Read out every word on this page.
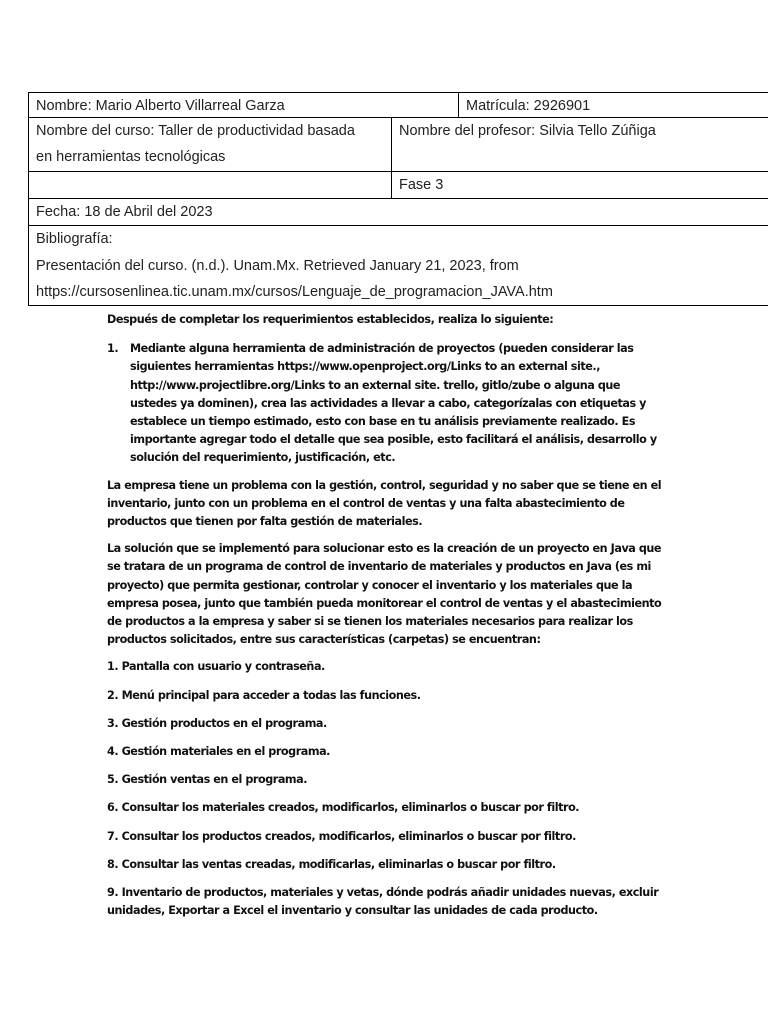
Nombre: Mario Alberto Villarreal Garza	Matrícula: 2926901
Nombre del curso: Taller de productividad basada
en herramientas tecnológicas
Nombre del profesor: Silvia Tello Zúñiga
Fase 3
Fecha: 18 de Abril del 2023
Bibliografía:
Presentación del curso. (n.d.). Unam.Mx. Retrieved January 21, 2023, from
https://cursosenlinea.tic.unam.mx/cursos/Lenguaje_de_programacion_JAVA.htm

Después de completar los requerimientos establecidos, realiza lo siguiente:

1.	Mediante alguna herramienta de administración de proyectos (pueden considerar las siguientes herramientas https://www.openproject.org/Links to an external site., http://www.projectlibre.org/Links to an external site. trello, gitlo/zube o alguna que ustedes ya dominen), crea las actividades a llevar a cabo, categorízalas con etiquetas y establece un tiempo estimado, esto con base en tu análisis previamente realizado. Es importante agregar todo el detalle que sea posible, esto facilitará el análisis, desarrollo y solución del requerimiento, justificación, etc.

La empresa tiene un problema con la gestión, control, seguridad y no saber que se tiene en el inventario, junto con un problema en el control de ventas y una falta abastecimiento de productos que tienen por falta gestión de materiales.

La solución que se implementó para solucionar esto es la creación de un proyecto en Java que se tratara de un programa de control de inventario de materiales y productos en Java (es mi proyecto) que permita gestionar, controlar y conocer el inventario y los materiales que la empresa posea, junto que también pueda monitorear el control de ventas y el abastecimiento de productos a la empresa y saber si se tienen los materiales necesarios para realizar los productos solicitados, entre sus características (carpetas) se encuentran:

1. Pantalla con usuario y contraseña.

2. Menú principal para acceder a todas las funciones.

3. Gestión productos en el programa.

4. Gestión materiales en el programa.

5. Gestión ventas en el programa.

6. Consultar los materiales creados, modificarlos, eliminarlos o buscar por filtro.

7. Consultar los productos creados, modificarlos, eliminarlos o buscar por filtro.

8. Consultar las ventas creadas, modificarlas, eliminarlas o buscar por filtro.

9. Inventario de productos, materiales y vetas, dónde podrás añadir unidades nuevas, excluir unidades, Exportar a Excel el inventario y consultar las unidades de cada producto.
